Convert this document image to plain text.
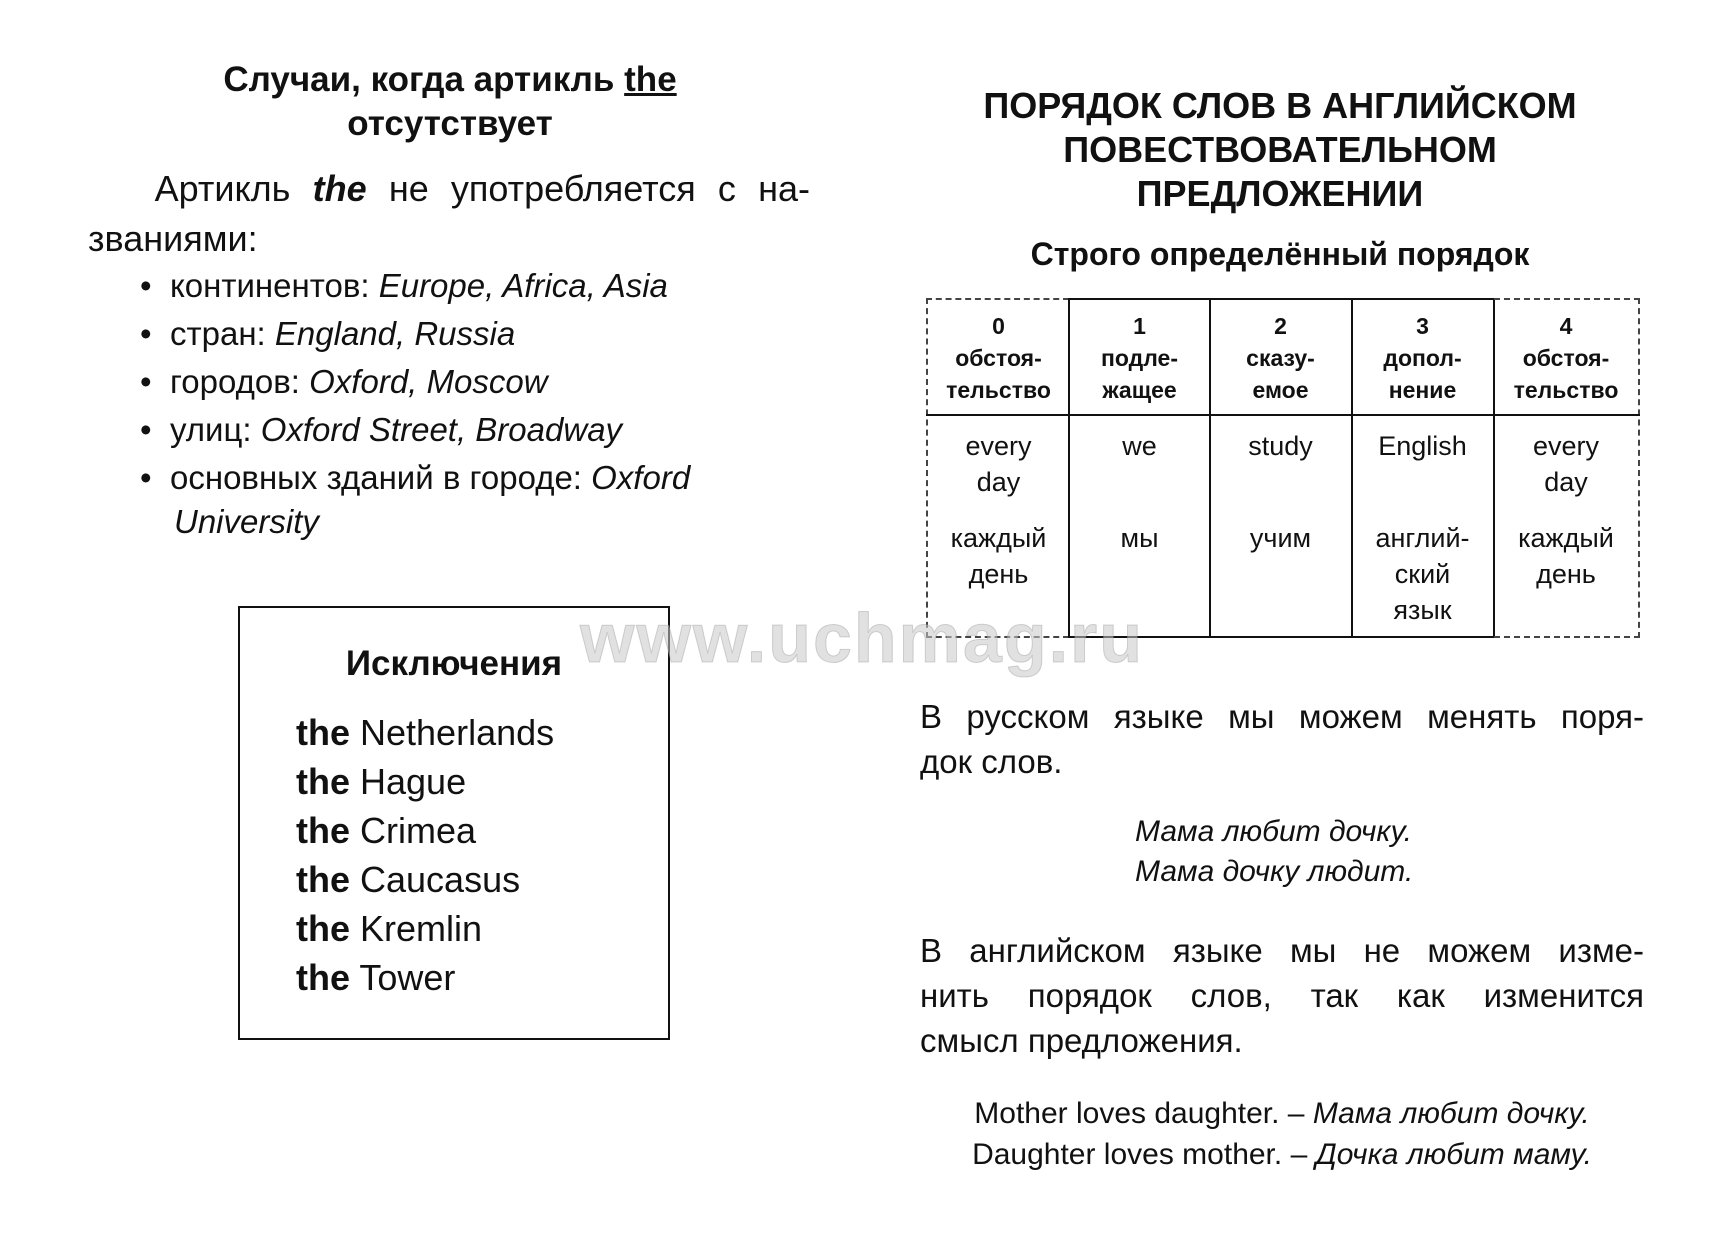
Случаи, когда артикль the
отсутствует
Артикль the не употребляется с на-
званиями:
• континентов: Europe, Africa, Asia
• стран: England, Russia
• городов: Oxford, Moscow
• улиц: Oxford Street, Broadway
• основных зданий в городе: Oxford
University
Исключения
the Netherlands
the Hague
the Crimea
the Caucasus
the Kremlin
the Tower
ПОРЯДОК СЛОВ В АНГЛИЙСКОМ
ПОВЕСТВОВАТЕЛЬНОМ
ПРЕДЛОЖЕНИИ
Строго определённый порядок
0
обстоя-
тельство
every
day
каждый
день
1
подле-
жащее
we
мы
2
сказу-
емое
study
учим
3
допол-
нение
English
англий-
ский
язык
4
обстоя-
тельство
every
day
каждый
день
В русском языке мы можем менять поря-
док слов.
Мама любит дочку.
Мама дочку людит.
В английском языке мы не можем изме-
нить порядок слов, так как изменится
смысл предложения.
Mother loves daughter. – Мама любит дочку.
Daughter loves mother. – Дочка любит маму.
www.uchmag.ru
